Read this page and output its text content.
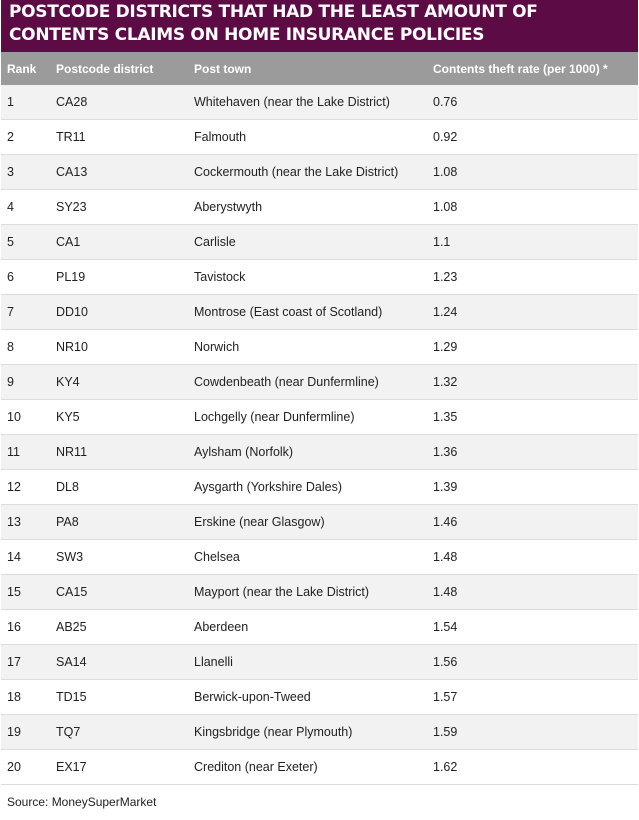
POSTCODE DISTRICTS THAT HAD THE LEAST AMOUNT OF CONTENTS CLAIMS ON HOME INSURANCE POLICIES
Rank	Postcode district	Post town	Contents theft rate (per 1000) *
1	CA28	Whitehaven (near the Lake District)	0.76
2	TR11	Falmouth	0.92
3	CA13	Cockermouth (near the Lake District)	1.08
4	SY23	Aberystwyth	1.08
5	CA1	Carlisle	1.1
6	PL19	Tavistock	1.23
7	DD10	Montrose (East coast of Scotland)	1.24
8	NR10	Norwich	1.29
9	KY4	Cowdenbeath (near Dunfermline)	1.32
10	KY5	Lochgelly (near Dunfermline)	1.35
11	NR11	Aylsham (Norfolk)	1.36
12	DL8	Aysgarth (Yorkshire Dales)	1.39
13	PA8	Erskine (near Glasgow)	1.46
14	SW3	Chelsea	1.48
15	CA15	Mayport (near the Lake District)	1.48
16	AB25	Aberdeen	1.54
17	SA14	Llanelli	1.56
18	TD15	Berwick-upon-Tweed	1.57
19	TQ7	Kingsbridge (near Plymouth)	1.59
20	EX17	Crediton (near Exeter)	1.62
Source: MoneySuperMarket
